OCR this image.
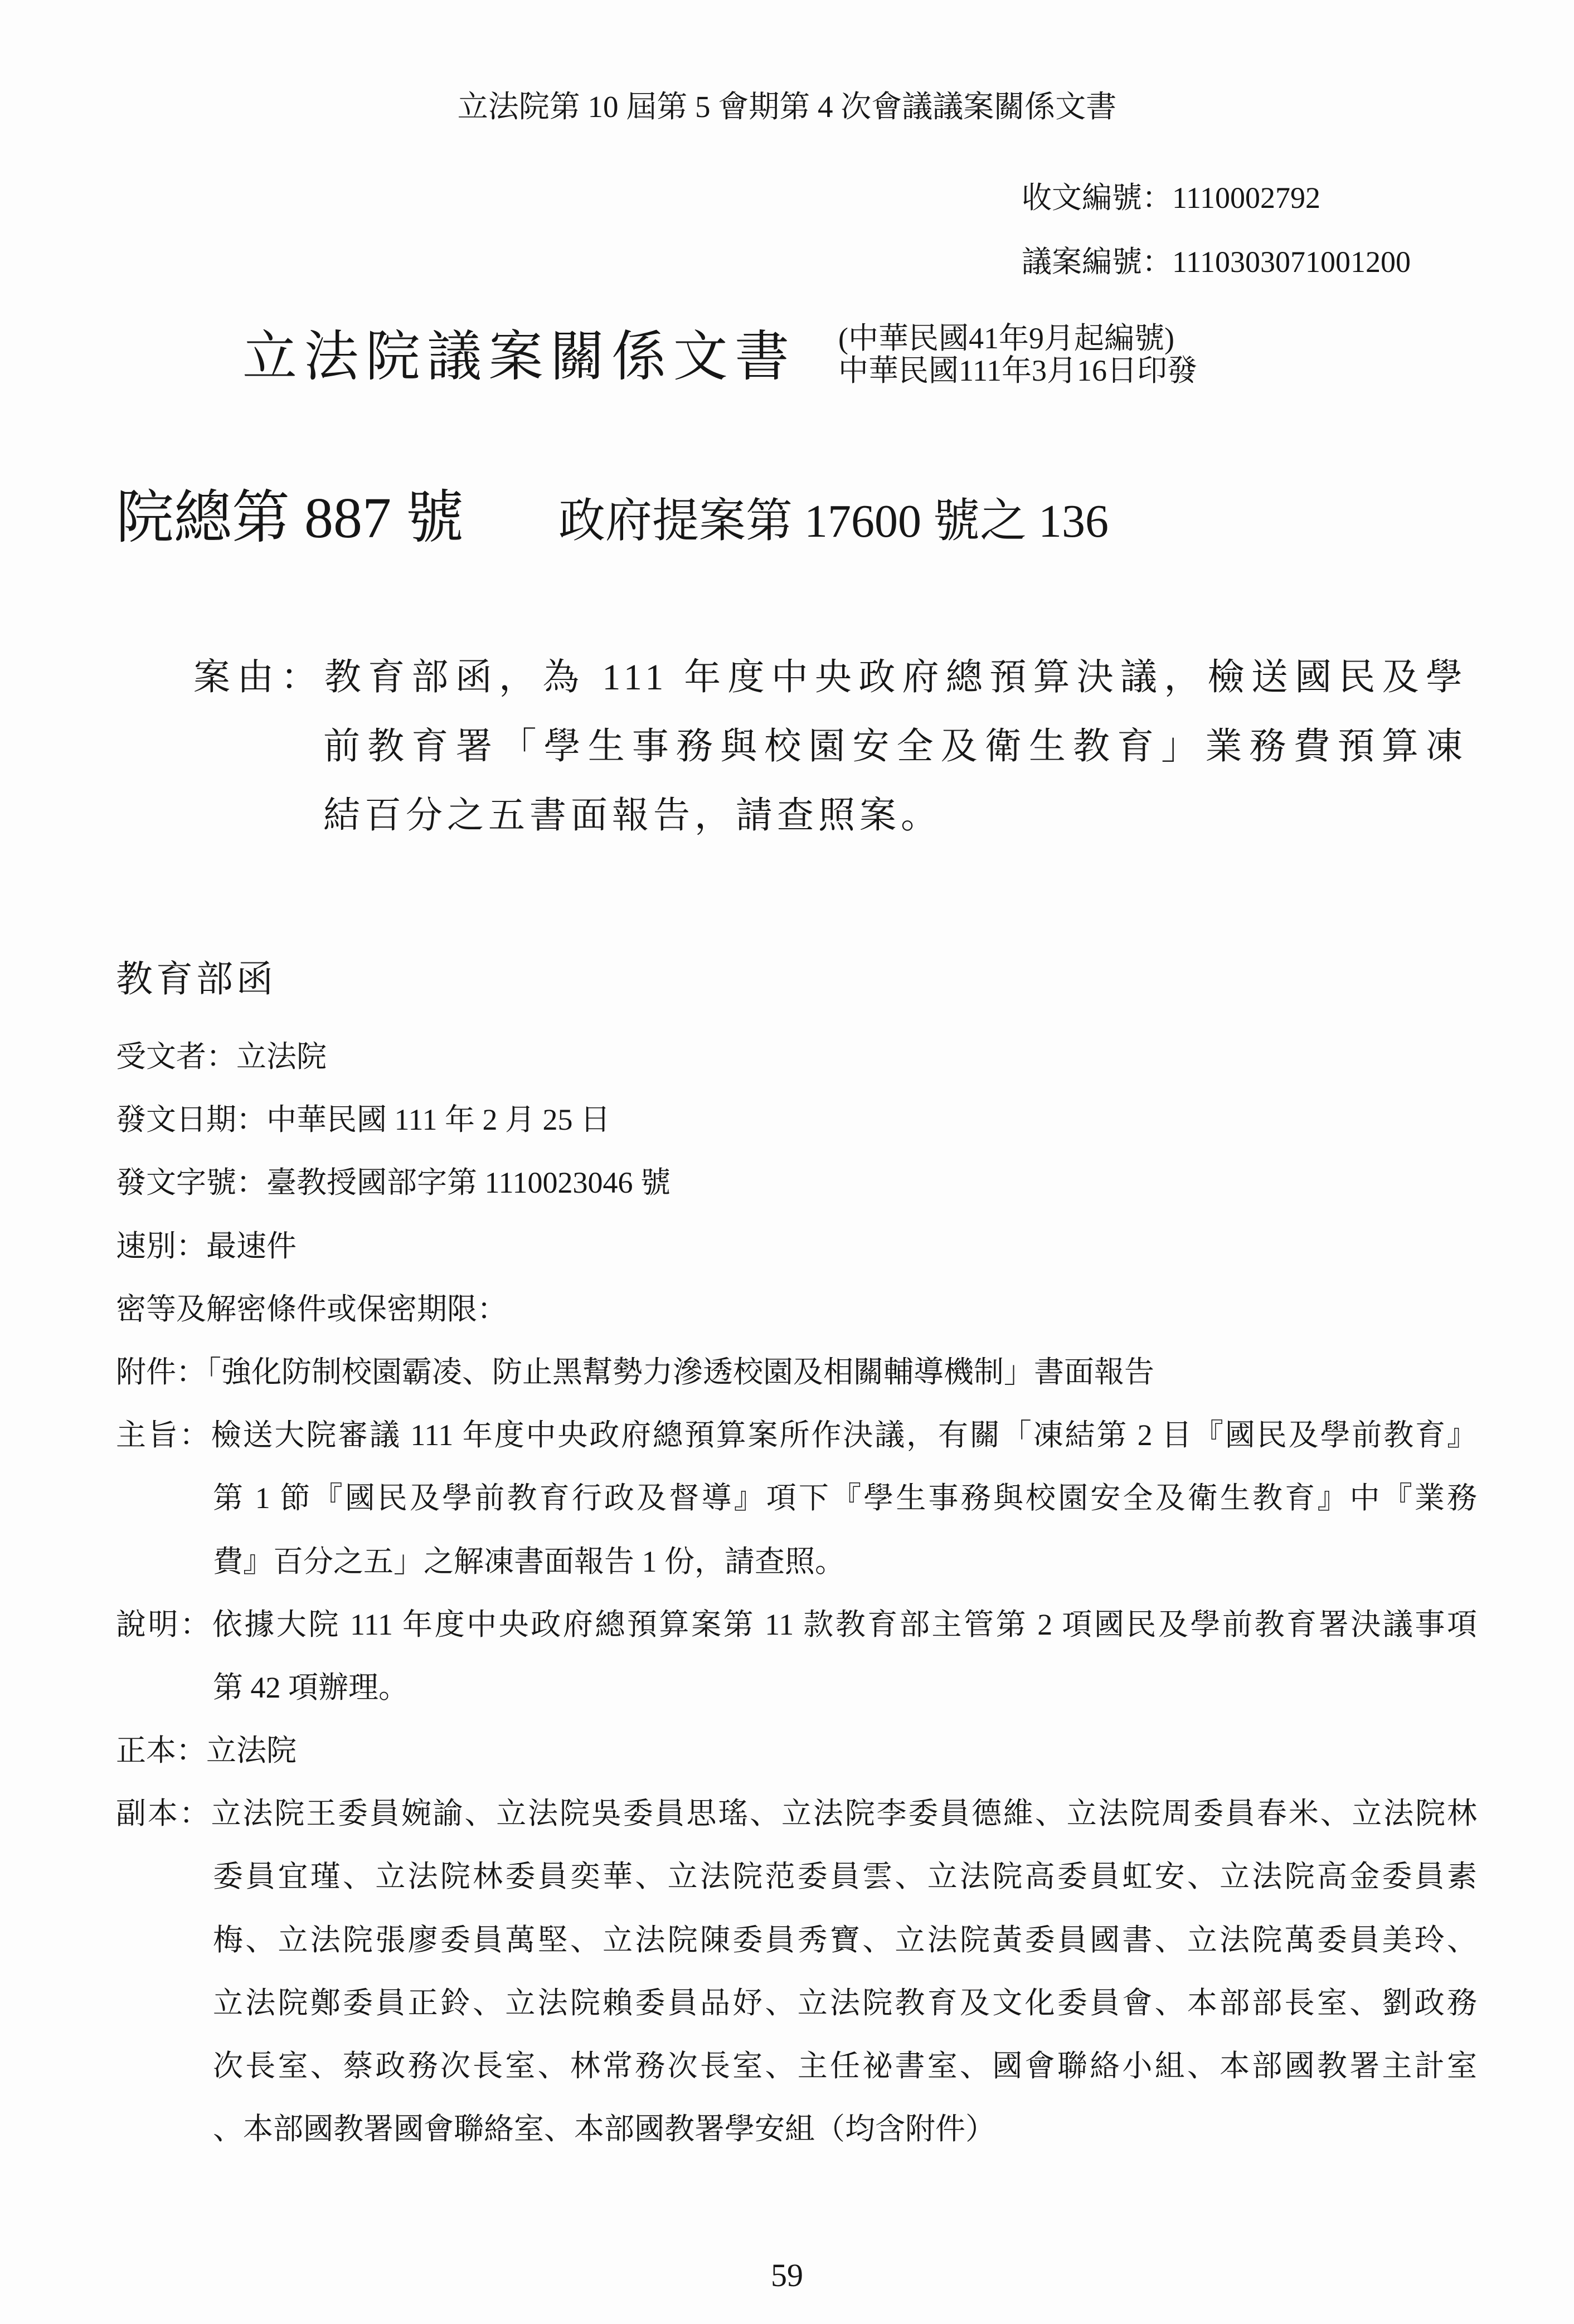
立法院第 10 屆第 5 會期第 4 次會議議案關係文書
收文編號：1110002792
議案編號：1110303071001200
立法院議案關係文書 (中華民國41年9月起編號)
中華民國111年3月16日印發
院總第 887 號 政府提案第 17600 號之 136
案由：教育部函，為 111 年度中央政府總預算決議，檢送國民及學
前教育署「學生事務與校園安全及衛生教育」業務費預算凍
結百分之五書面報告，請查照案。
教育部函
受文者：立法院
發文日期：中華民國 111 年 2 月 25 日
發文字號：臺教授國部字第 1110023046 號
速別：最速件
密等及解密條件或保密期限：
附件：「強化防制校園霸凌、防止黑幫勢力滲透校園及相關輔導機制」書面報告
主旨：檢送大院審議 111 年度中央政府總預算案所作決議，有關「凍結第 2 目『國民及學前教育』
第 1 節『國民及學前教育行政及督導』項下『學生事務與校園安全及衛生教育』中『業務
費』百分之五」之解凍書面報告 1 份，請查照。
說明：依據大院 111 年度中央政府總預算案第 11 款教育部主管第 2 項國民及學前教育署決議事項
第 42 項辦理。
正本：立法院
副本：立法院王委員婉諭、立法院吳委員思瑤、立法院李委員德維、立法院周委員春米、立法院林
委員宜瑾、立法院林委員奕華、立法院范委員雲、立法院高委員虹安、立法院高金委員素
梅、立法院張廖委員萬堅、立法院陳委員秀寶、立法院黃委員國書、立法院萬委員美玲、
立法院鄭委員正鈴、立法院賴委員品妤、立法院教育及文化委員會、本部部長室、劉政務
次長室、蔡政務次長室、林常務次長室、主任祕書室、國會聯絡小組、本部國教署主計室
、本部國教署國會聯絡室、本部國教署學安組（均含附件）
59
